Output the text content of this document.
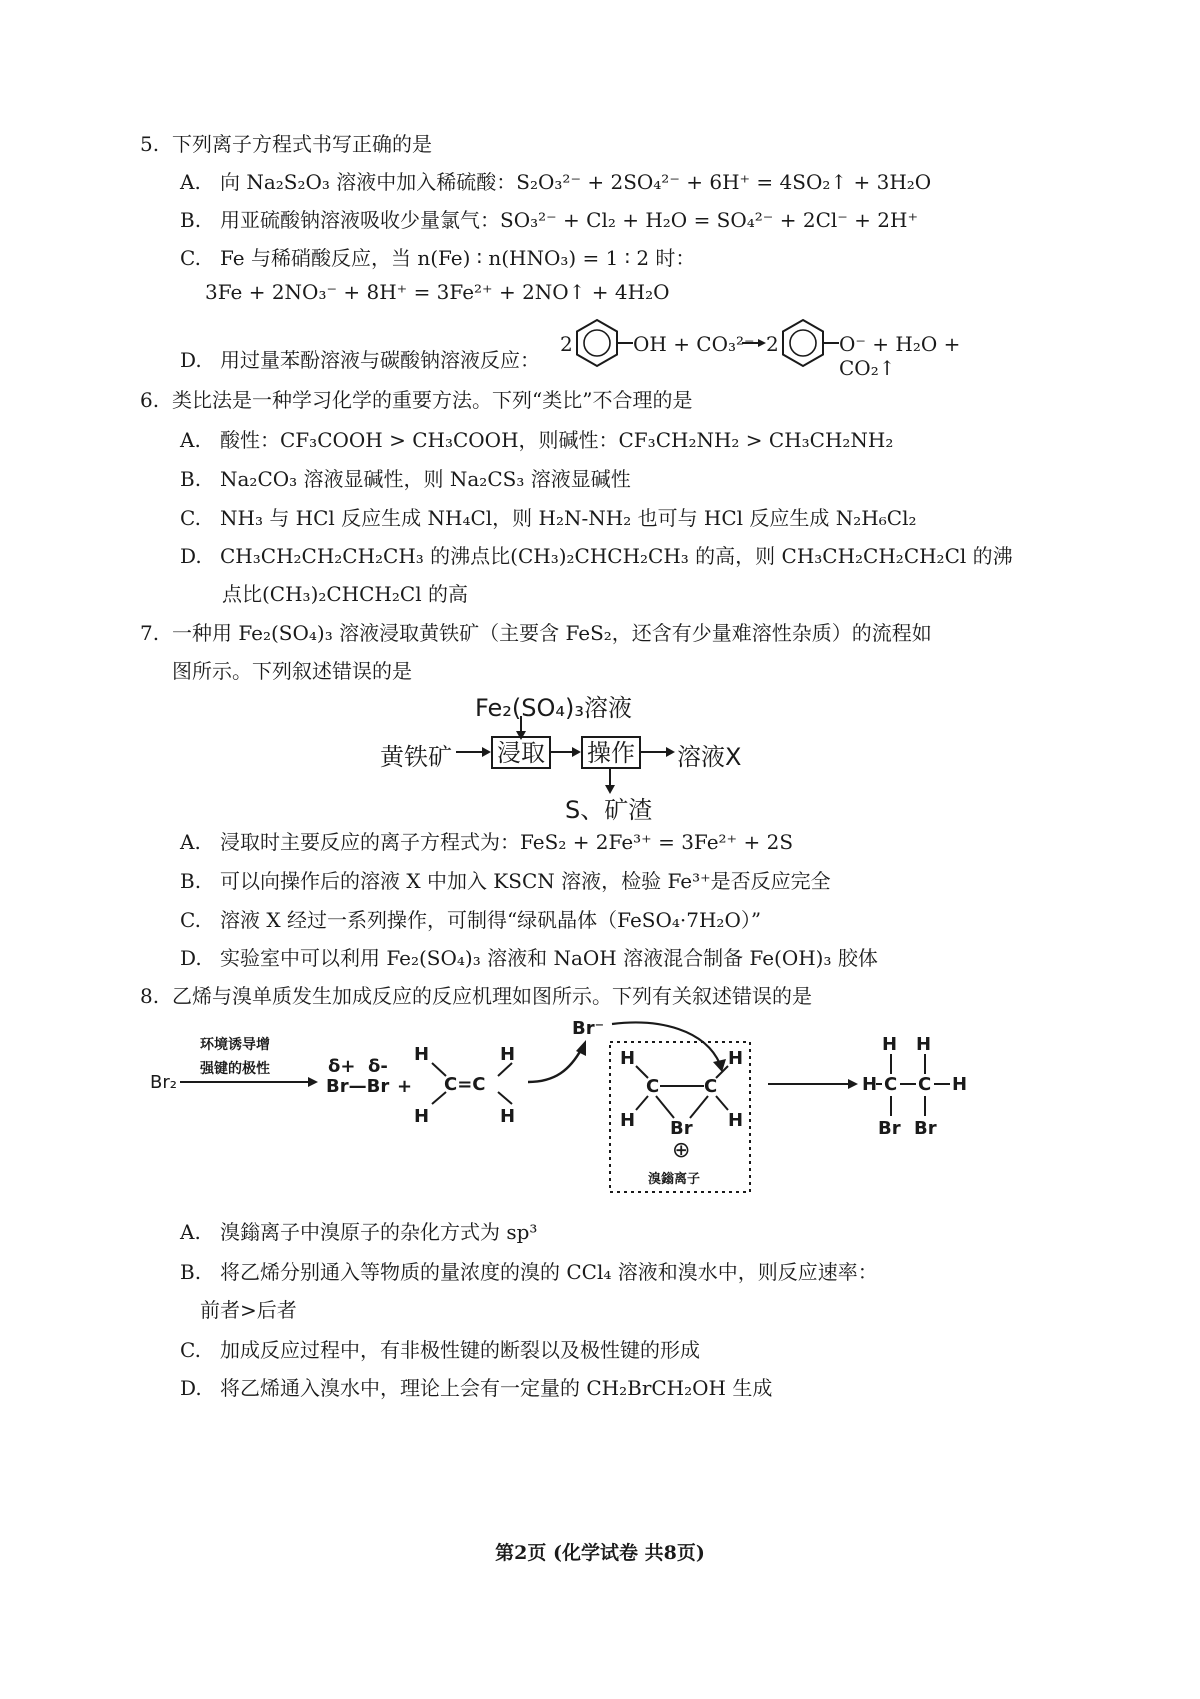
5. 下列离子方程式书写正确的是
A. 向 Na₂S₂O₃ 溶液中加入稀硫酸：S₂O₃²⁻ + 2SO₄²⁻ + 6H⁺ = 4SO₂↑ + 3H₂O
B. 用亚硫酸钠溶液吸收少量氯气：SO₃²⁻ + Cl₂ + H₂O = SO₄²⁻ + 2Cl⁻ + 2H⁺
C. Fe 与稀硝酸反应，当 n(Fe) ∶ n(HNO₃) = 1 ∶ 2 时：
3Fe + 2NO₃⁻ + 8H⁺ = 3Fe²⁺ + 2NO↑ + 4H₂O
D. 用过量苯酚溶液与碳酸钠溶液反应：
2	OH + CO₃²⁻ → 2	O⁻ + H₂O + CO₂↑
6. 类比法是一种学习化学的重要方法。下列“类比”不合理的是
A. 酸性：CF₃COOH > CH₃COOH，则碱性：CF₃CH₂NH₂ > CH₃CH₂NH₂
B. Na₂CO₃ 溶液显碱性，则 Na₂CS₃ 溶液显碱性
C. NH₃ 与 HCl 反应生成 NH₄Cl，则 H₂N-NH₂ 也可与 HCl 反应生成 N₂H₆Cl₂
D. CH₃CH₂CH₂CH₂CH₃ 的沸点比(CH₃)₂CHCH₂CH₃ 的高，则 CH₃CH₂CH₂CH₂Cl 的沸
点比(CH₃)₂CHCH₂Cl 的高
7. 一种用 Fe₂(SO₄)₃ 溶液浸取黄铁矿（主要含 FeS₂，还含有少量难溶性杂质）的流程如
图所示。下列叙述错误的是
Fe₂(SO₄)₃溶液
黄铁矿 浸取 操作 溶液X
S、矿渣
A. 浸取时主要反应的离子方程式为：FeS₂ + 2Fe³⁺ = 3Fe²⁺ + 2S
B. 可以向操作后的溶液 X 中加入 KSCN 溶液，检验 Fe³⁺是否反应完全
C. 溶液 X 经过一系列操作，可制得“绿矾晶体（FeSO₄·7H₂O）”
D. 实验室中可以利用 Fe₂(SO₄)₃ 溶液和 NaOH 溶液混合制备 Fe(OH)₃ 胶体
8. 乙烯与溴单质发生加成反应的反应机理如图所示。下列有关叙述错误的是
环境诱导增
强键的极性
Br₂
δ+ δ-
Br—Br +
H
H
H
H
C=C
Br⁻
H	H
H	H
C C
Br
⊕
溴鎓离子
H H
H C C H
Br Br
A. 溴鎓离子中溴原子的杂化方式为 sp³
B. 将乙烯分别通入等物质的量浓度的溴的 CCl₄ 溶液和溴水中，则反应速率：
前者>后者
C. 加成反应过程中，有非极性键的断裂以及极性键的形成
D. 将乙烯通入溴水中，理论上会有一定量的 CH₂BrCH₂OH 生成
第2页 (化学试卷 共8页)
